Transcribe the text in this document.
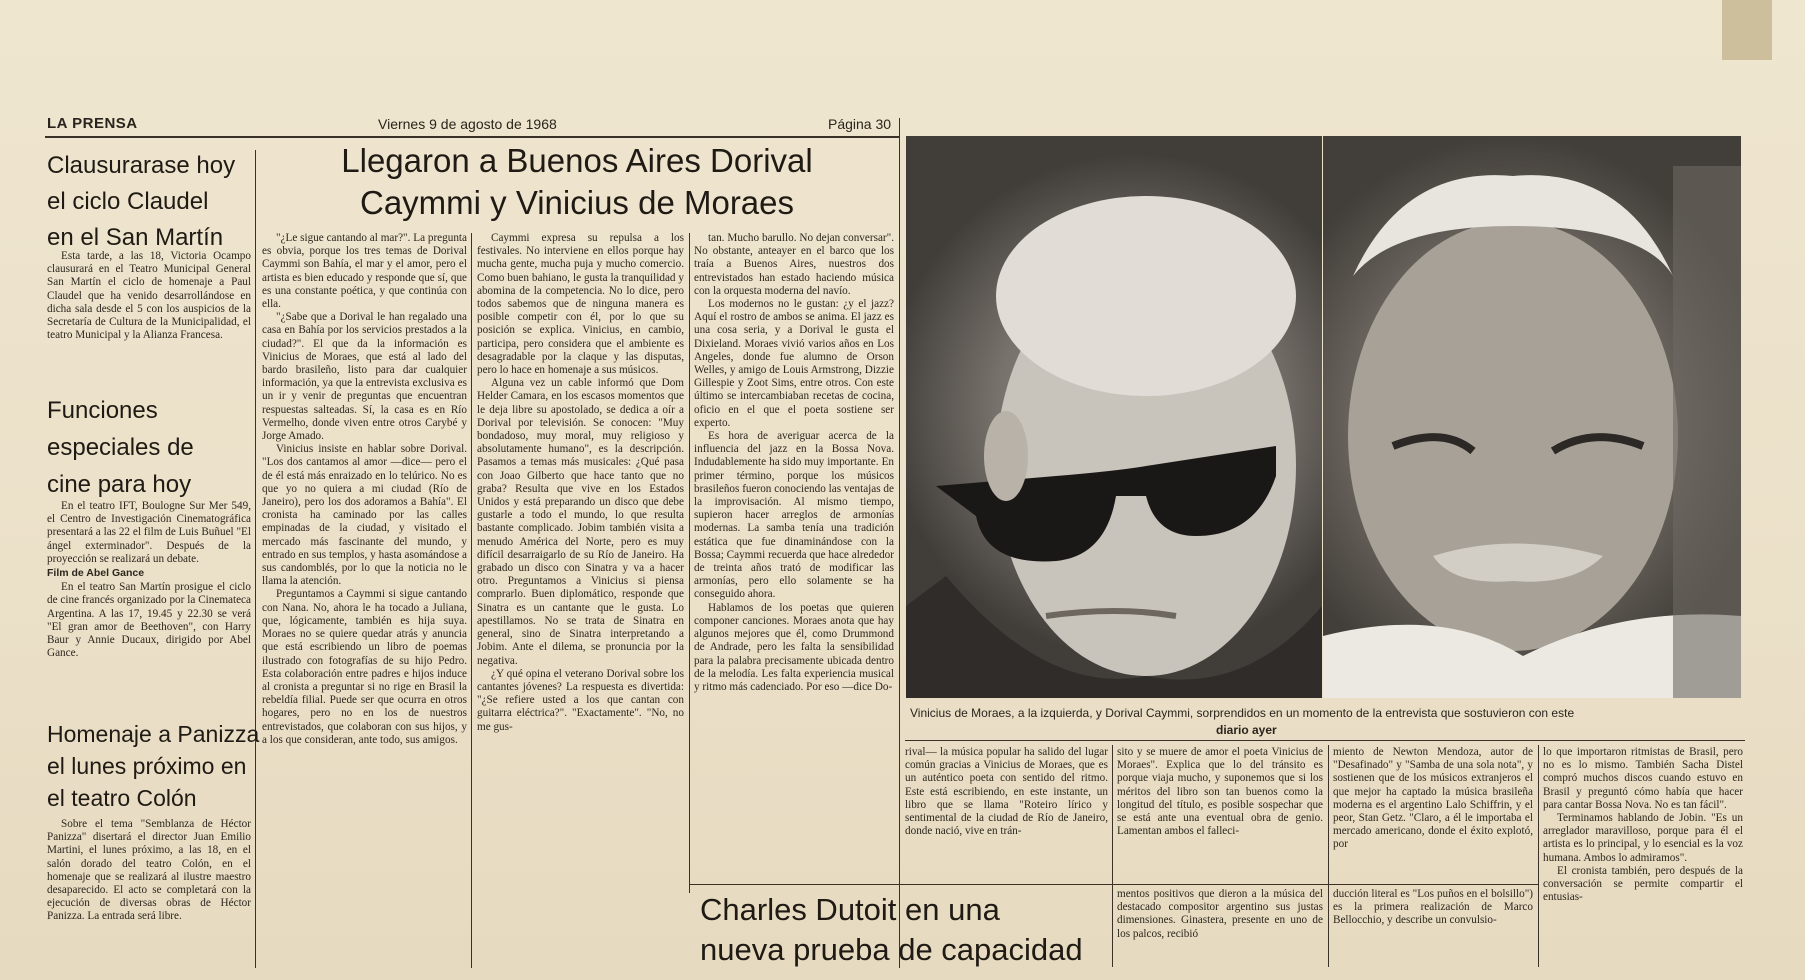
LA PRENSA	Viernes 9 de agosto de 1968	Página 30
Clausurarase hoy
el ciclo Claudel
en el San Martín

Esta tarde, a las 18, Victoria Ocampo clausurará en el Teatro Municipal General San Martín el ciclo de homenaje a Paul Claudel que ha venido desarrollándose en dicha sala desde el 5 con los auspicios de la Secretaría de Cultura de la Municipalidad, el teatro Municipal y la Alianza Francesa.

Funciones
especiales de
cine para hoy

En el teatro IFT, Boulogne Sur Mer 549, el Centro de Investigación Cinematográfica presentará a las 22 el film de Luis Buñuel "El ángel exterminador". Después de la proyección se realizará un debate.

Film de Abel Gance

En el teatro San Martín prosigue el ciclo de cine francés organizado por la Cinemateca Argentina. A las 17, 19.45 y 22.30 se verá "El gran amor de Beethoven", con Harry Baur y Annie Ducaux, dirigido por Abel Gance.

Homenaje a Panizza
el lunes próximo en
el teatro Colón

Sobre el tema "Semblanza de Héctor Panizza" disertará el director Juan Emilio Martini, el lunes próximo, a las 18, en el salón dorado del teatro Colón, en el homenaje que se realizará al ilustre maestro desaparecido. El acto se completará con la ejecución de diversas obras de Héctor Panizza. La entrada será libre.

Llegaron a Buenos Aires Dorival
Caymmi y Vinicius de Moraes

"¿Le sigue cantando al mar?". La pregunta es obvia, porque los tres temas de Dorival Caymmi son Bahía, el mar y el amor, pero el artista es bien educado y responde que sí, que es una constante poética, y que continúa con ella.

"¿Sabe que a Dorival le han regalado una casa en Bahía por los servicios prestados a la ciudad?". El que da la información es Vinicius de Moraes, que está al lado del bardo brasileño, listo para dar cualquier información, ya que la entrevista exclusiva es un ir y venir de preguntas que encuentran respuestas salteadas. Sí, la casa es en Río Vermelho, donde viven entre otros Carybé y Jorge Amado.

Vinicius insiste en hablar sobre Dorival. "Los dos cantamos al amor —dice— pero el de él está más enraizado en lo telúrico. No es que yo no quiera a mi ciudad (Río de Janeiro), pero los dos adoramos a Bahía". El cronista ha caminado por las calles empinadas de la ciudad, y visitado el mercado más fascinante del mundo, y entrado en sus templos, y hasta asomándose a sus candomblés, por lo que la noticia no le llama la atención.

Preguntamos a Caymmi si sigue cantando con Nana. No, ahora le ha tocado a Juliana, que, lógicamente, también es hija suya. Moraes no se quiere quedar atrás y anuncia que está escribiendo un libro de poemas ilustrado con fotografías de su hijo Pedro. Esta colaboración entre padres e hijos induce al cronista a preguntar si no rige en Brasil la rebeldía filial. Puede ser que ocurra en otros hogares, pero no en los de nuestros entrevistados, que colaboran con sus hijos, y a los que consideran, ante todo, sus amigos.

Caymmi expresa su repulsa a los festivales. No interviene en ellos porque hay mucha gente, mucha puja y mucho comercio. Como buen bahiano, le gusta la tranquilidad y abomina de la competencia. No lo dice, pero todos sabemos que de ninguna manera es posible competir con él, por lo que su posición se explica. Vinicius, en cambio, participa, pero considera que el ambiente es desagradable por la claque y las disputas, pero lo hace en homenaje a sus músicos.

Alguna vez un cable informó que Dom Helder Camara, en los escasos momentos que le deja libre su apostolado, se dedica a oír a Dorival por televisión. Se conocen: "Muy bondadoso, muy moral, muy religioso y absolutamente humano", es la descripción. Pasamos a temas más musicales: ¿Qué pasa con Joao Gilberto que hace tanto que no graba? Resulta que vive en los Estados Unidos y está preparando un disco que debe gustarle a todo el mundo, lo que resulta bastante complicado. Jobim también visita a menudo América del Norte, pero es muy difícil desarraigarlo de su Río de Janeiro. Ha grabado un disco con Sinatra y va a hacer otro. Preguntamos a Vinicius si piensa comprarlo. Buen diplomático, responde que Sinatra es un cantante que le gusta. Lo apestillamos. No se trata de Sinatra en general, sino de Sinatra interpretando a Jobim. Ante el dilema, se pronuncia por la negativa.

¿Y qué opina el veterano Dorival sobre los cantantes jóvenes? La respuesta es divertida: "¿Se refiere usted a los que cantan con guitarra eléctrica?". "Exactamente". "No, no me gus-

tan. Mucho barullo. No dejan conversar". No obstante, anteayer en el barco que los traía a Buenos Aires, nuestros dos entrevistados han estado haciendo música con la orquesta moderna del navío.

Los modernos no le gustan: ¿y el jazz? Aquí el rostro de ambos se anima. El jazz es una cosa seria, y a Dorival le gusta el Dixieland. Moraes vivió varios años en Los Angeles, donde fue alumno de Orson Welles, y amigo de Louis Armstrong, Dizzie Gillespie y Zoot Sims, entre otros. Con este último se intercambiaban recetas de cocina, oficio en el que el poeta sostiene ser experto.

Es hora de averiguar acerca de la influencia del jazz en la Bossa Nova. Indudablemente ha sido muy importante. En primer término, porque los músicos brasileños fueron conociendo las ventajas de la improvisación. Al mismo tiempo, supieron hacer arreglos de armonías modernas. La samba tenía una tradición estática que fue dinaminándose con la Bossa; Caymmi recuerda que hace alrededor de treinta años trató de modificar las armonías, pero ello solamente se ha conseguido ahora.

Hablamos de los poetas que quieren componer canciones. Moraes anota que hay algunos mejores que él, como Drummond de Andrade, pero les falta la sensibilidad para la palabra precisamente ubicada dentro de la melodía. Les falta experiencia musical y ritmo más cadenciado. Por eso —dice Do-

Vinicius de Moraes, a la izquierda, y Dorival Caymmi, sorprendidos en un momento de la entrevista que sostuvieron con este
diario ayer

rival— la música popular ha salido del lugar común gracias a Vinicius de Moraes, que es un auténtico poeta con sentido del ritmo. Este está escribiendo, en este instante, un libro que se llama "Roteiro lírico y sentimental de la ciudad de Río de Janeiro, donde nació, vive en trán-

sito y se muere de amor el poeta Vinicius de Moraes". Explica que lo del tránsito es porque viaja mucho, y suponemos que si los méritos del libro son tan buenos como la longitud del título, es posible sospechar que se está ante una eventual obra de genio. Lamentan ambos el falleci-

miento de Newton Mendoza, autor de "Desafinado" y "Samba de una sola nota", y sostienen que de los músicos extranjeros el que mejor ha captado la música brasileña moderna es el argentino Lalo Schiffrin, y el peor, Stan Getz. "Claro, a él le importaba el mercado americano, donde el éxito explotó, por

lo que importaron ritmistas de Brasil, pero no es lo mismo. También Sacha Distel compró muchos discos cuando estuvo en Brasil y preguntó cómo había que hacer para cantar Bossa Nova. No es tan fácil".

Terminamos hablando de Jobin. "Es un arreglador maravilloso, porque para él el artista es lo principal, y lo esencial es la voz humana. Ambos lo admiramos".

El cronista también, pero después de la conversación se permite compartir el entusias-

Charles Dutoit en una
nueva prueba de capacidad

mentos positivos que dieron a la música del destacado compositor argentino sus justas dimensiones. Ginastera, presente en uno de los palcos, recibió

ducción literal es "Los puños en el bolsillo") es la primera realización de Marco Bellocchio, y describe un convulsio-
